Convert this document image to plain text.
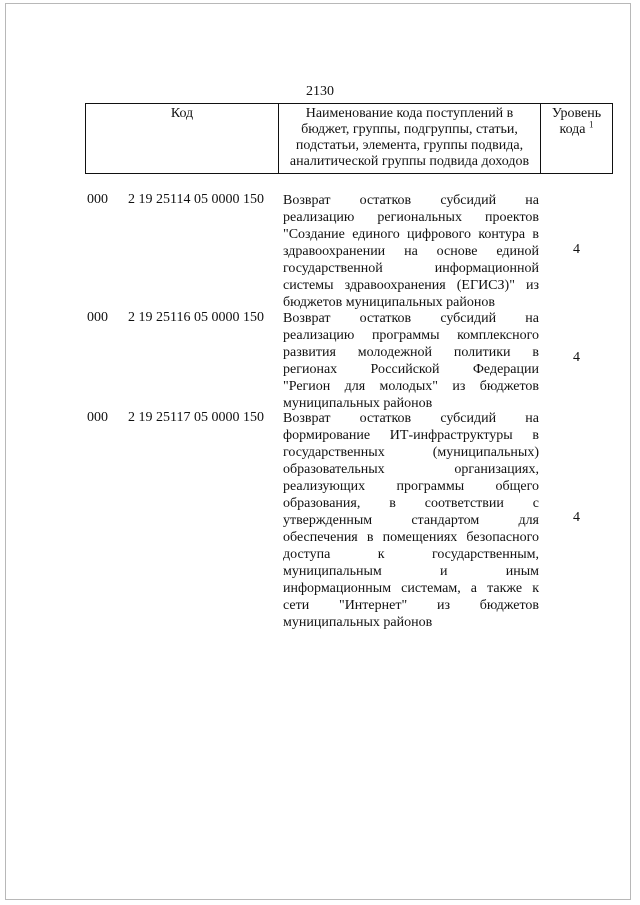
2130
Код	Наименование кода поступлений в
бюджет, группы, подгруппы, статьи,
подстатьи, элемента, группы подвида,
аналитической группы подвида доходов
Уровень
кода $^1$
000 2 19 25114 05 0000 150 Возврат остатков субсидий на
реализацию региональных проектов
"Создание единого цифрового контура в
здравоохранении на основе единой
государственной информационной
системы здравоохранения (ЕГИСЗ)" из
бюджетов муниципальных районов
4
000 2 19 25116 05 0000 150 Возврат остатков субсидий на
реализацию программы комплексного
развития молодежной политики в
регионах Российской Федерации
"Регион для молодых" из бюджетов
муниципальных районов
4
000 2 19 25117 05 0000 150 Возврат остатков субсидий на
формирование ИТ-инфраструктуры в
государственных (муниципальных)
образовательных организациях,
реализующих программы общего
образования, в соответствии с
утвержденным стандартом для
обеспечения в помещениях безопасного
доступа к государственным,
муниципальным и иным
информационным системам, а также к
сети "Интернет" из бюджетов
муниципальных районов
4
